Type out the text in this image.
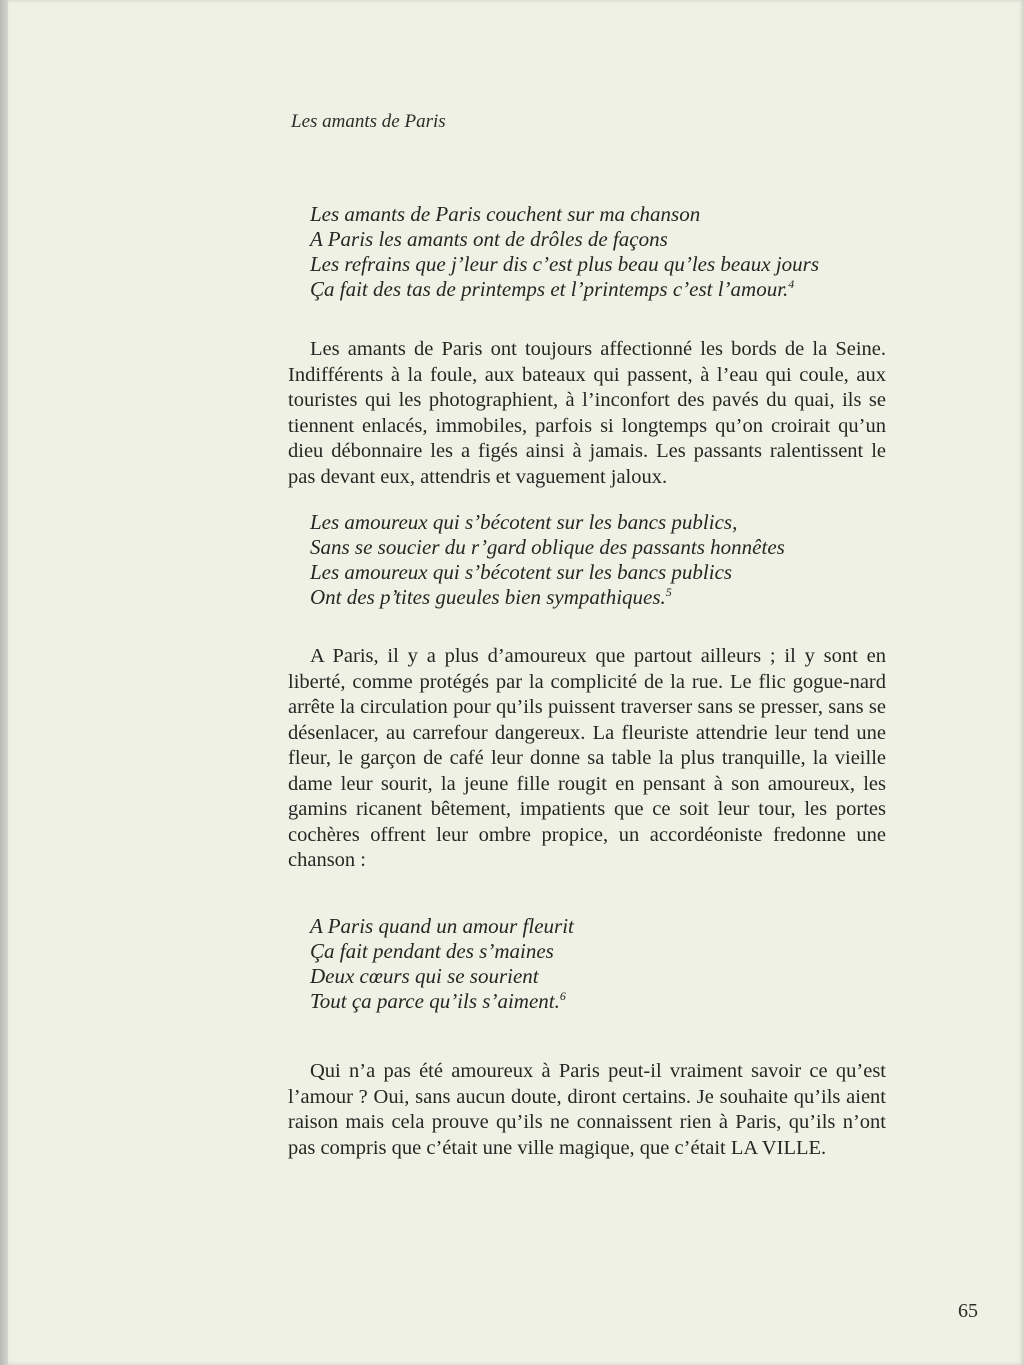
Les amants de Paris
Les amants de Paris couchent sur ma chanson
A Paris les amants ont de drôles de façons
Les refrains que j’leur dis c’est plus beau qu’les beaux jours
Ça fait des tas de printemps et l’printemps c’est l’amour.$^4$
Les amants de Paris ont toujours affectionné les bords de la Seine. Indifférents à la foule, aux bateaux qui passent, à l’eau qui coule, aux touristes qui les photographient, à l’inconfort des pavés du quai, ils se tiennent enlacés, immobiles, parfois si longtemps qu’on croirait qu’un dieu débonnaire les a figés ainsi à jamais. Les passants ralentissent le pas devant eux, attendris et vaguement jaloux.
Les amoureux qui s’bécotent sur les bancs publics,
Sans se soucier du r’gard oblique des passants honnêtes
Les amoureux qui s’bécotent sur les bancs publics
Ont des p’tites gueules bien sympathiques.$^5$
A Paris, il y a plus d’amoureux que partout ailleurs ; il y sont en liberté, comme protégés par la complicité de la rue. Le flic gogue-nard arrête la circulation pour qu’ils puissent traverser sans se presser, sans se désenlacer, au carrefour dangereux. La fleuriste attendrie leur tend une fleur, le garçon de café leur donne sa table la plus tranquille, la vieille dame leur sourit, la jeune fille rougit en pensant à son amoureux, les gamins ricanent bêtement, impatients que ce soit leur tour, les portes cochères offrent leur ombre propice, un accordéoniste fredonne une chanson :
A Paris quand un amour fleurit
Ça fait pendant des s’maines
Deux cœurs qui se sourient
Tout ça parce qu’ils s’aiment.$^6$
Qui n’a pas été amoureux à Paris peut-il vraiment savoir ce qu’est l’amour ? Oui, sans aucun doute, diront certains. Je souhaite qu’ils aient raison mais cela prouve qu’ils ne connaissent rien à Paris, qu’ils n’ont pas compris que c’était une ville magique, que c’était LA VILLE.
65
